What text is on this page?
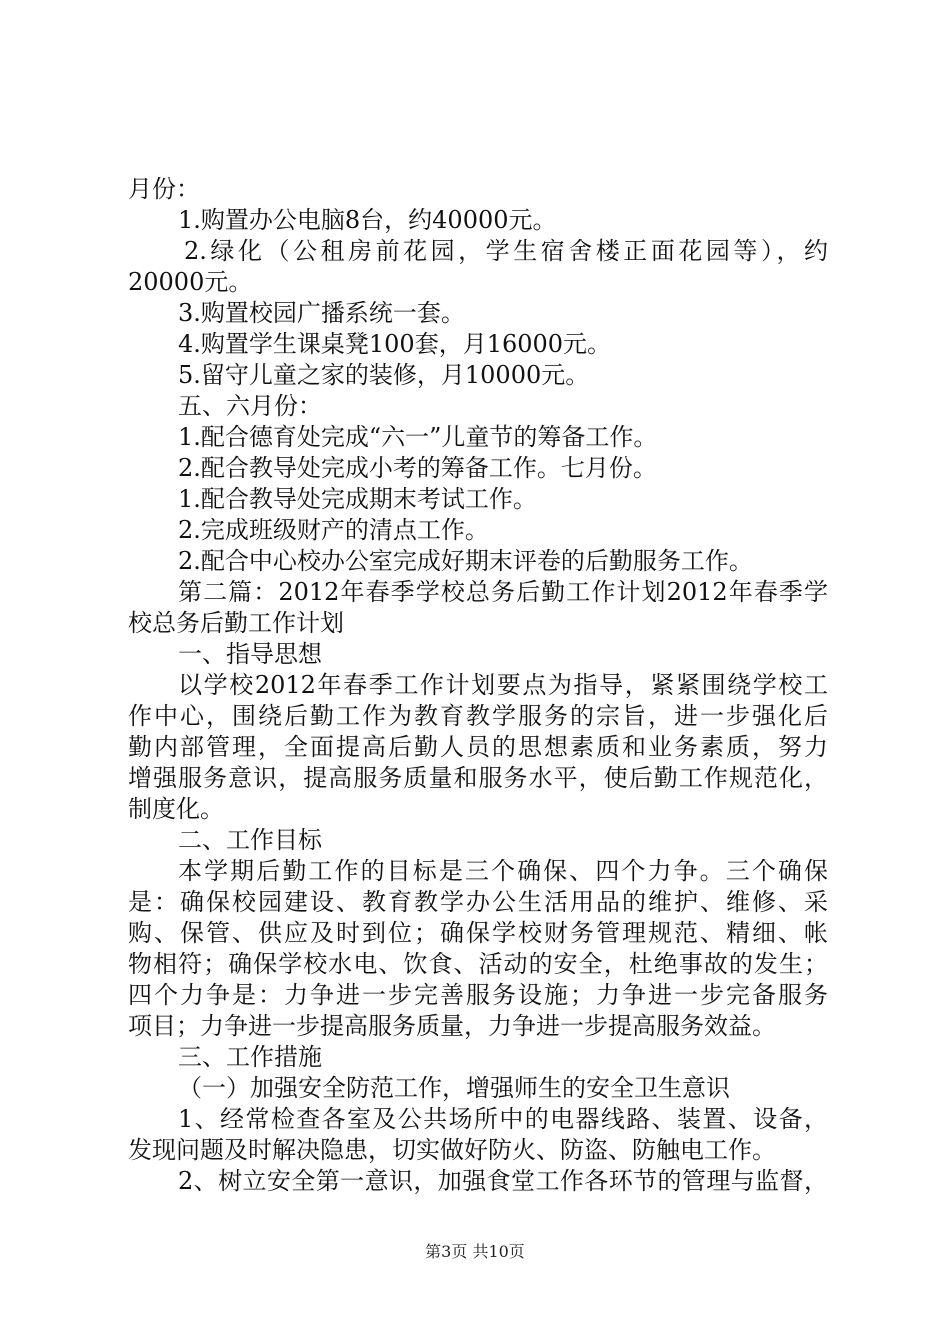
月份：
1.购置办公电脑8台，约40000元。
2.绿化（公租房前花园，学生宿舍楼正面花园等），约
20000元。
3.购置校园广播系统一套。
4.购置学生课桌凳100套，月16000元。
5.留守儿童之家的装修，月10000元。
五、六月份：
1.配合德育处完成“六一”儿童节的筹备工作。
2.配合教导处完成小考的筹备工作。七月份。
1.配合教导处完成期末考试工作。
2.完成班级财产的清点工作。
2.配合中心校办公室完成好期末评卷的后勤服务工作。
第二篇：2012年春季学校总务后勤工作计划2012年春季学
校总务后勤工作计划
一、指导思想
以学校2012年春季工作计划要点为指导，紧紧围绕学校工
作中心，围绕后勤工作为教育教学服务的宗旨，进一步强化后
勤内部管理，全面提高后勤人员的思想素质和业务素质，努力
增强服务意识，提高服务质量和服务水平，使后勤工作规范化，
制度化。
二、工作目标
本学期后勤工作的目标是三个确保、四个力争。三个确保
是：确保校园建设、教育教学办公生活用品的维护、维修、采
购、保管、供应及时到位；确保学校财务管理规范、精细、帐
物相符；确保学校水电、饮食、活动的安全，杜绝事故的发生；
四个力争是：力争进一步完善服务设施；力争进一步完备服务
项目；力争进一步提高服务质量，力争进一步提高服务效益。
三、工作措施
（一）加强安全防范工作，增强师生的安全卫生意识
1、经常检查各室及公共场所中的电器线路、装置、设备，
发现问题及时解决隐患，切实做好防火、防盗、防触电工作。
2、树立安全第一意识，加强食堂工作各环节的管理与监督，
第3页 共10页
